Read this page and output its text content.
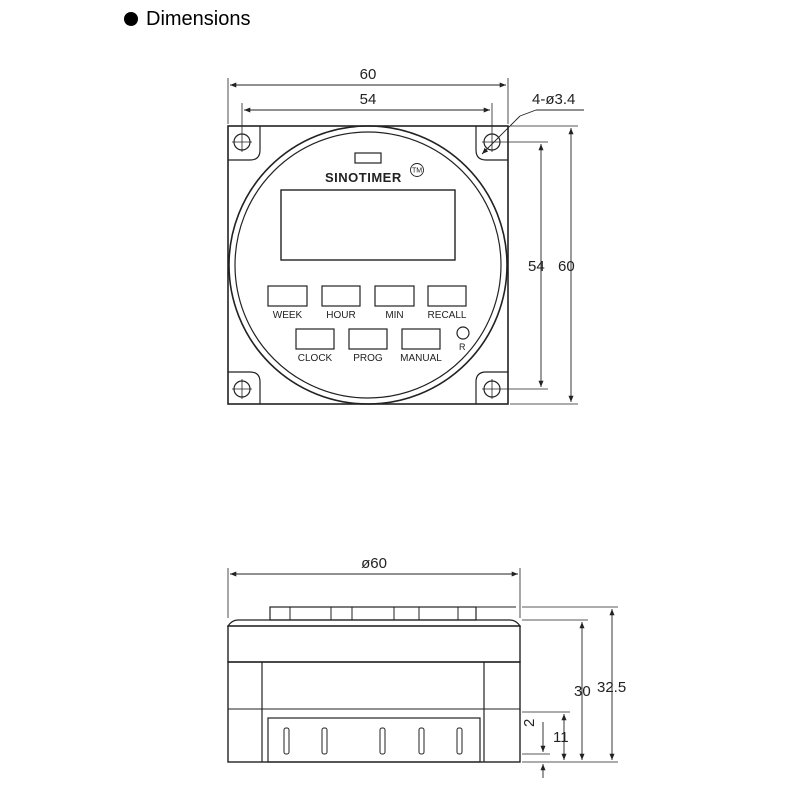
Dimensions
SINOTIMER TM
WEEK HOUR	MIN RECALL
CLOCK PROG MANUAL
R
60
54	4-ø3.4
54 60
ø60
32.5
30
11
2
